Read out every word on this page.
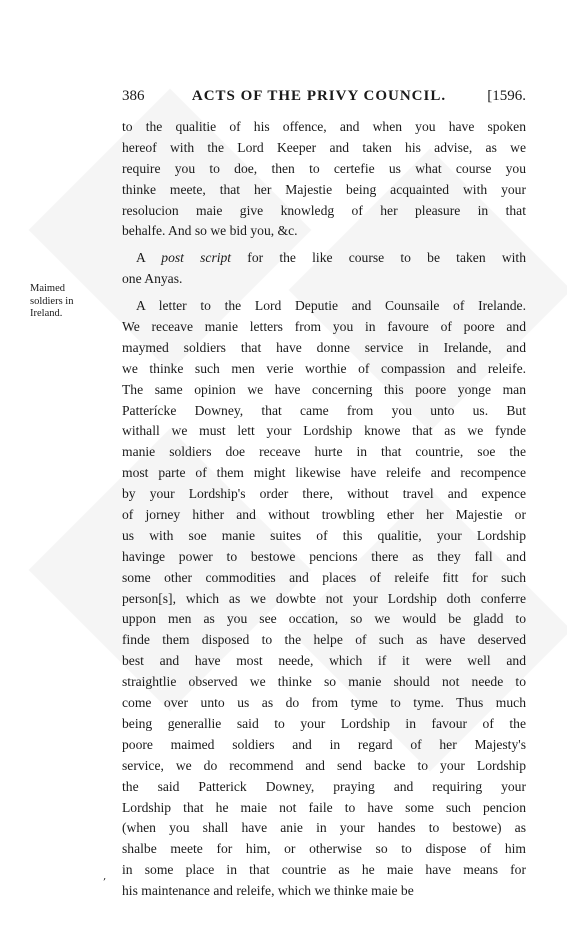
386	ACTS OF THE PRIVY COUNCIL.	[1596.
Maimed
soldiers in
Ireland.
to the qualitie of his offence, and when you have spoken
hereof with the Lord Keeper and taken his advise, as we
require you to doe, then to certefie us what course you
thinke meete, that her Majestie being acquainted with your
resolucion maie give knowledg of her pleasure in that
behalfe. And so we bid you, &c.
A post script for the like course to be taken with
one Anyas.
A letter to the Lord Deputie and Counsaile of Irelande.
We receave manie letters from you in favoure of poore and
maymed soldiers that have donne service in Irelande, and
we thinke such men verie worthie of compassion and releife.
The same opinion we have concerning this poore yonge man
Patterícke Downey, that came from you unto us. But
withall we must lett your Lordship knowe that as we fynde
manie soldiers doe receave hurte in that countrie, soe the
most parte of them might likewise have releife and recompence
by your Lordship's order there, without travel and expence
of jorney hither and without trowbling ether her Majestie or
us with soe manie suites of this qualitie, your Lordship
havinge power to bestowe pencions there as they fall and
some other commodities and places of releife fitt for such
person[s], which as we dowbte not your Lordship doth conferre
uppon men as you see occation, so we would be gladd to
finde them disposed to the helpe of such as have deserved
best and have most neede, which if it were well and
straightlie observed we thinke so manie should not neede to
come over unto us as do from tyme to tyme. Thus much
being generallie said to your Lordship in favour of the
poore maimed soldiers and in regard of her Majesty's
service, we do recommend and send backe to your Lordship
the said Patterick Downey, praying and requiring your
Lordship that he maie not faile to have some such pencion
(when you shall have anie in your handes to bestowe) as
shalbe meete for him, or otherwise so to dispose of him
in some place in that countrie as he maie have means for
his maintenance and releife, which we thinke maie be
‚
